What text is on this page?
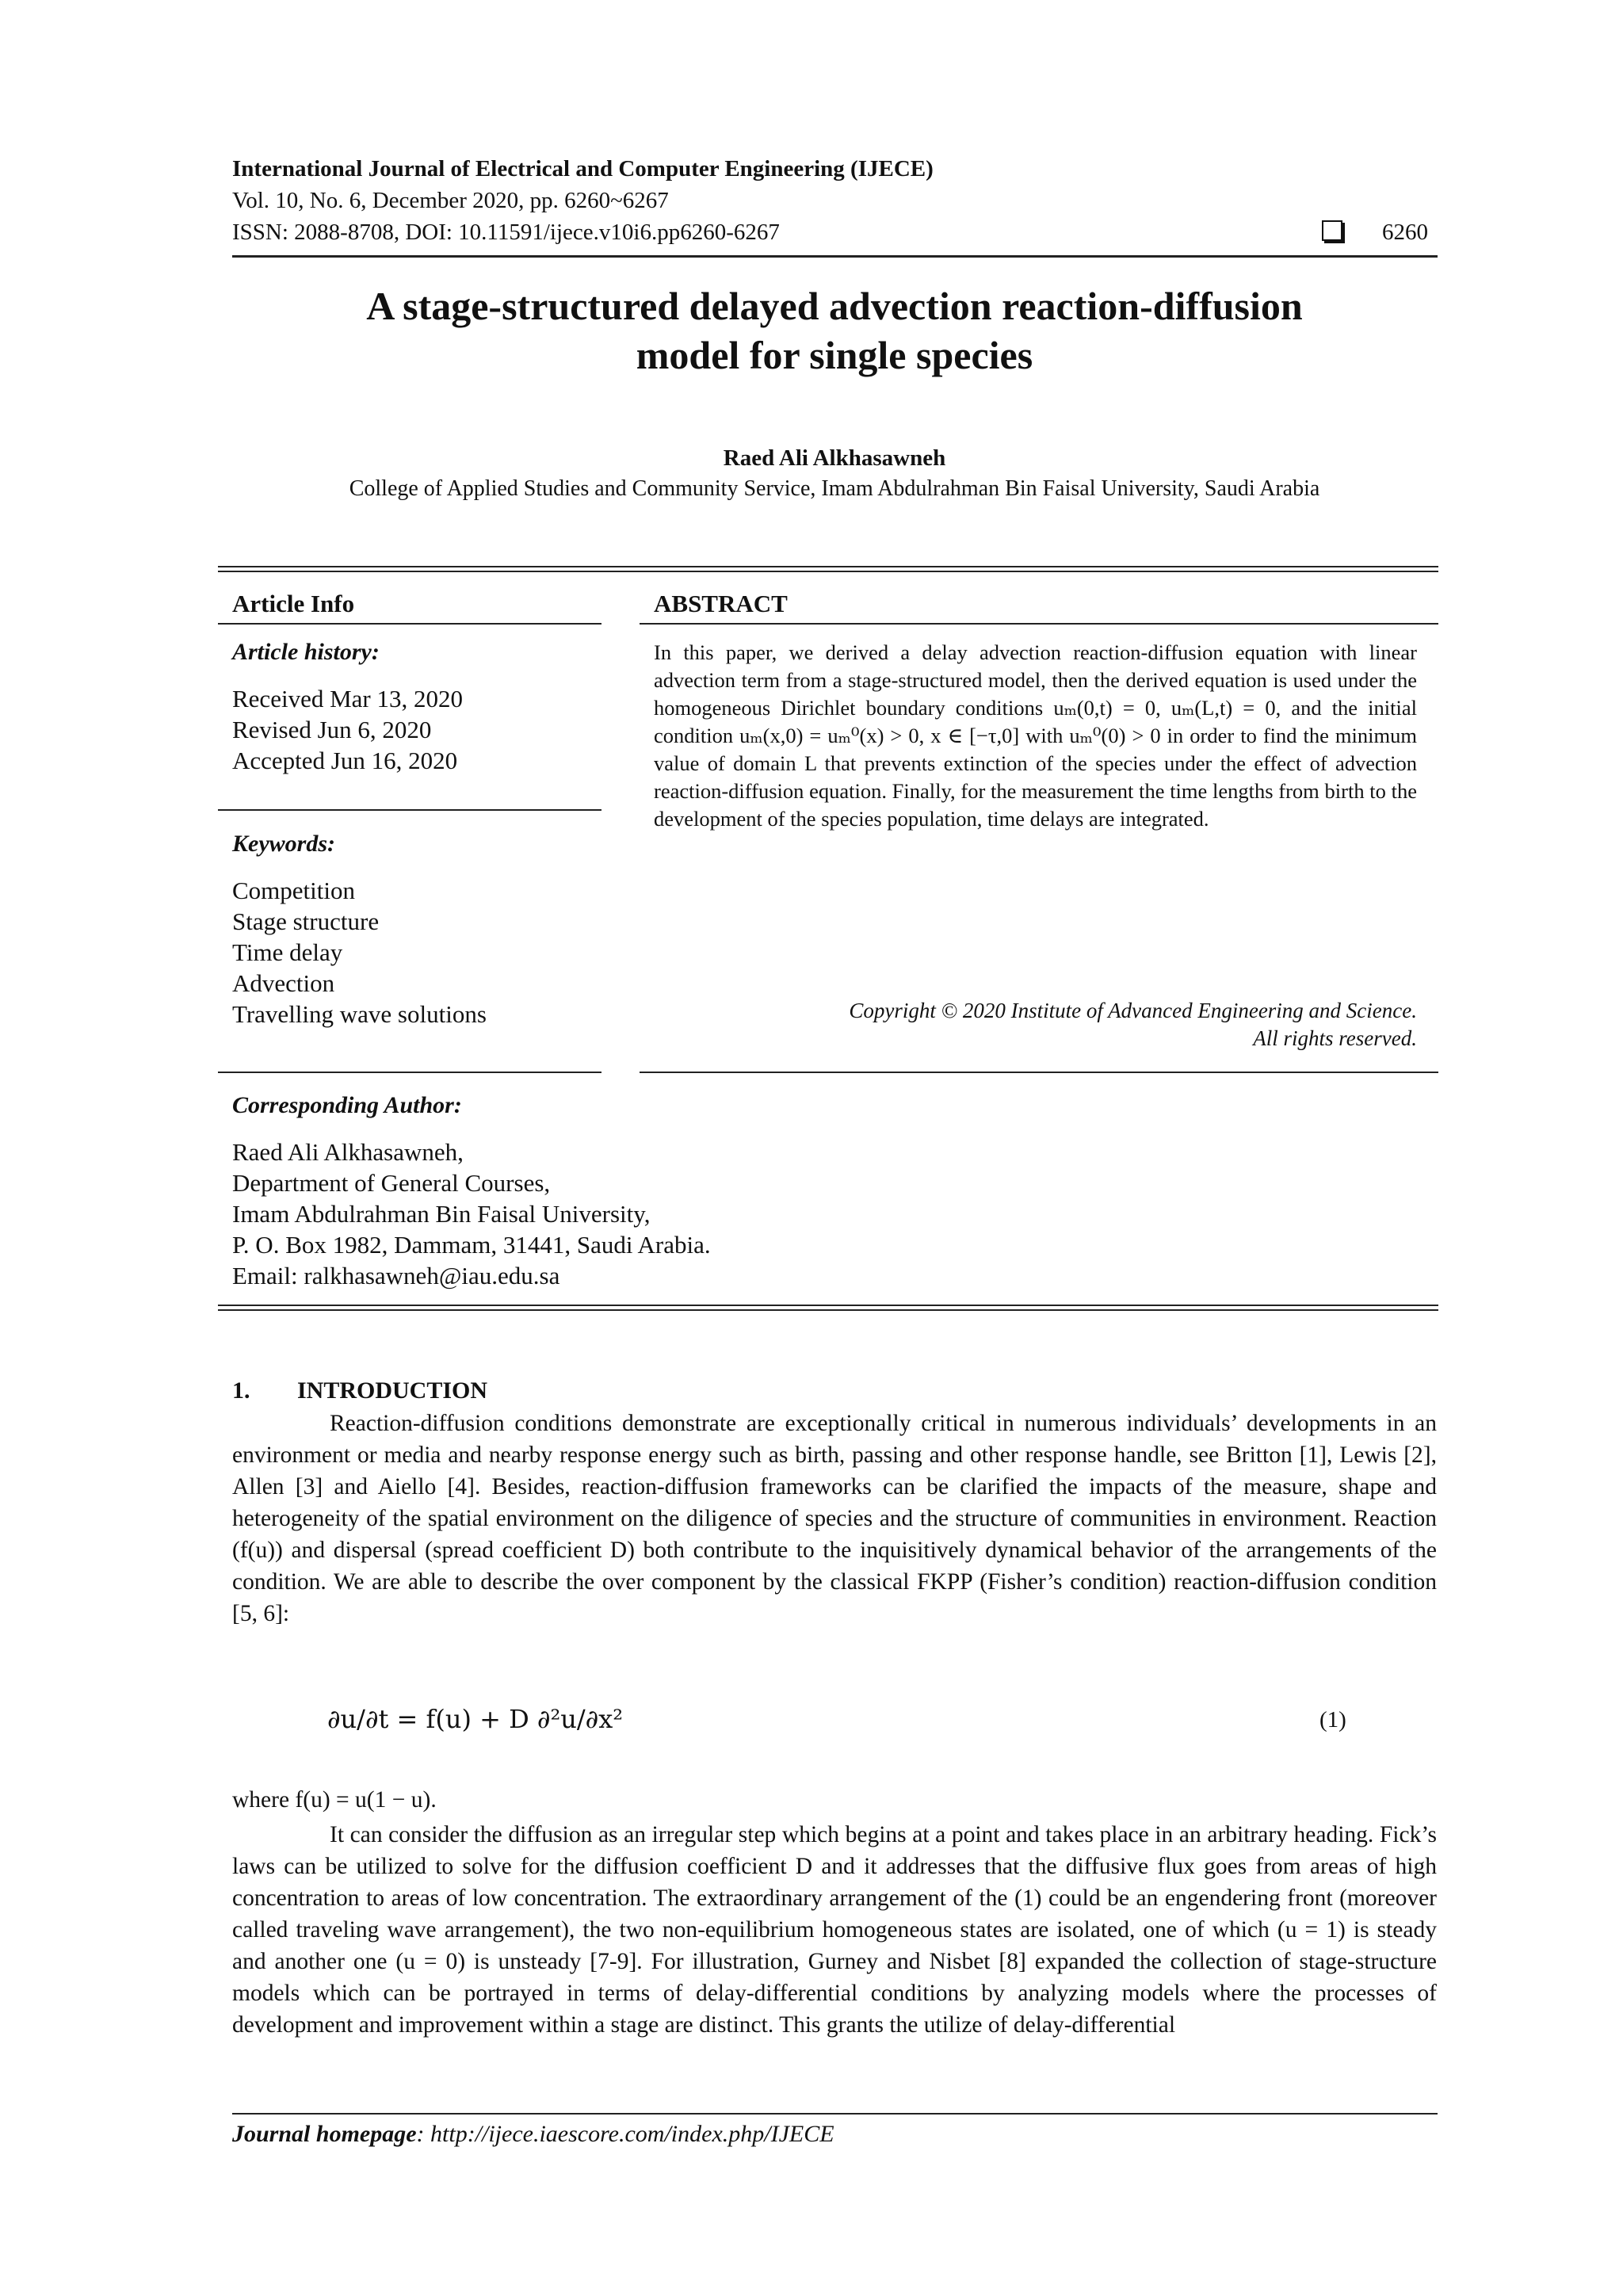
International Journal of Electrical and Computer Engineering (IJECE)
Vol. 10, No. 6, December 2020, pp. 6260~6267
ISSN: 2088-8708, DOI: 10.11591/ijece.v10i6.pp6260-6267	6260
A stage-structured delayed advection reaction-diffusion
model for single species
Raed Ali Alkhasawneh
College of Applied Studies and Community Service, Imam Abdulrahman Bin Faisal University, Saudi Arabia
Article Info
Article history:
Received Mar 13, 2020
Revised Jun 6, 2020
Accepted Jun 16, 2020
Keywords:
Competition
Stage structure
Time delay
Advection
Travelling wave solutions
Corresponding Author:
Raed Ali Alkhasawneh,
Department of General Courses,
Imam Abdulrahman Bin Faisal University,
P. O. Box 1982, Dammam, 31441, Saudi Arabia.
Email: ralkhasawneh@iau.edu.sa
ABSTRACT
In this paper, we derived a delay advection reaction-diffusion equation with linear advection term from a stage-structured model, then the derived equation is used under the homogeneous Dirichlet boundary conditions uₘ(0,t) = 0, uₘ(L,t) = 0, and the initial condition uₘ(x,0) = uₘ⁰(x) > 0, x ∈ [−τ,0] with uₘ⁰(0) > 0 in order to find the minimum value of domain L that prevents extinction of the species under the effect of advection reaction-diffusion equation. Finally, for the measurement the time lengths from birth to the development of the species population, time delays are integrated.
Copyright © 2020 Institute of Advanced Engineering and Science.
All rights reserved.
1. INTRODUCTION
Reaction-diffusion conditions demonstrate are exceptionally critical in numerous individuals’ developments in an environment or media and nearby response energy such as birth, passing and other response handle, see Britton [1], Lewis [2], Allen [3] and Aiello [4]. Besides, reaction-diffusion frameworks can be clarified the impacts of the measure, shape and heterogeneity of the spatial environment on the diligence of species and the structure of communities in environment. Reaction (f(u)) and dispersal (spread coefficient D) both contribute to the inquisitively dynamical behavior of the arrangements of the condition. We are able to describe the over component by the classical FKPP (Fisher’s condition) reaction-diffusion condition [5, 6]:
∂u/∂t = f(u) + D ∂²u/∂x²	(1)
where f(u) = u(1 − u).
It can consider the diffusion as an irregular step which begins at a point and takes place in an arbitrary heading. Fick’s laws can be utilized to solve for the diffusion coefficient D and it addresses that the diffusive flux goes from areas of high concentration to areas of low concentration. The extraordinary arrangement of the (1) could be an engendering front (moreover called traveling wave arrangement), the two non-equilibrium homogeneous states are isolated, one of which (u = 1) is steady and another one (u = 0) is unsteady [7-9]. For illustration, Gurney and Nisbet [8] expanded the collection of stage-structure models which can be portrayed in terms of delay-differential conditions by analyzing models where the processes of development and improvement within a stage are distinct. This grants the utilize of delay-differential
Journal homepage: http://ijece.iaescore.com/index.php/IJECE
